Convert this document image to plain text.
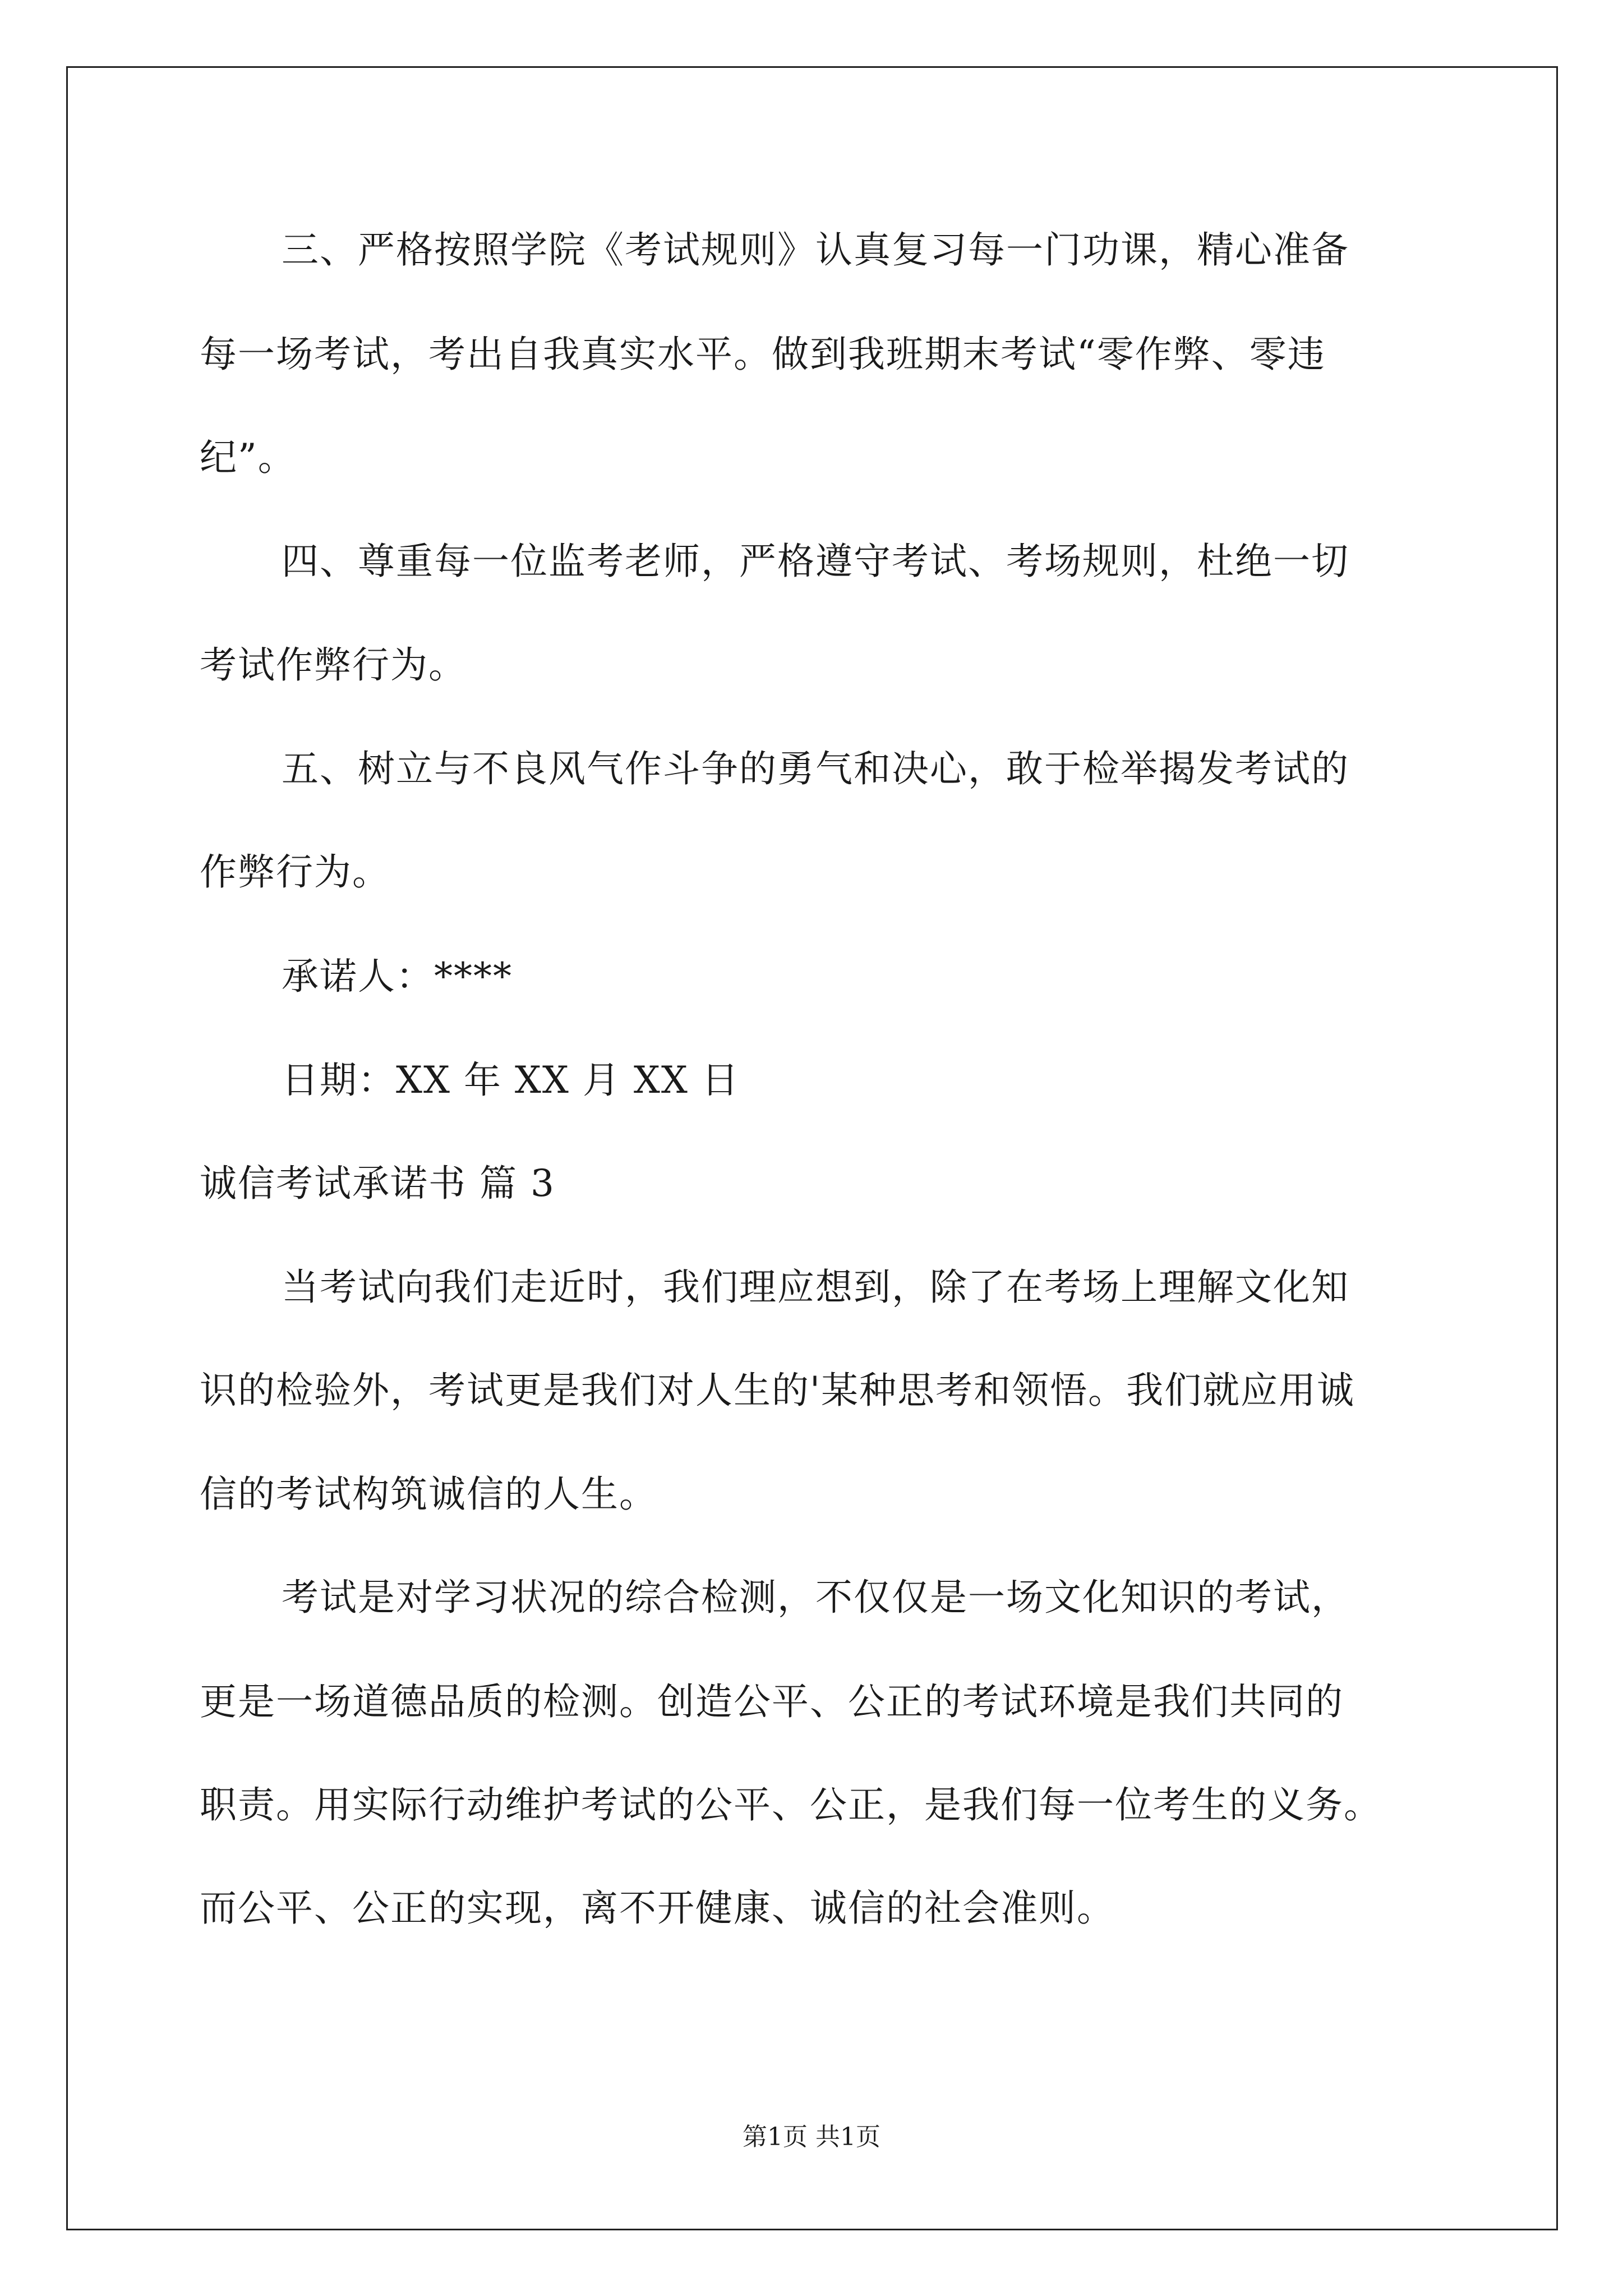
三、严格按照学院《考试规则》认真复习每一门功课，精心准备
每一场考试，考出自我真实水平。做到我班期末考试“零作弊、零违
纪”。
四、尊重每一位监考老师，严格遵守考试、考场规则，杜绝一切
考试作弊行为。
五、树立与不良风气作斗争的勇气和决心，敢于检举揭发考试的
作弊行为。
承诺人：****
日期：XX 年 XX 月 XX 日
诚信考试承诺书 篇 3
当考试向我们走近时，我们理应想到，除了在考场上理解文化知
识的检验外，考试更是我们对人生的'某种思考和领悟。我们就应用诚
信的考试构筑诚信的人生。
考试是对学习状况的综合检测，不仅仅是一场文化知识的考试，
更是一场道德品质的检测。创造公平、公正的考试环境是我们共同的
职责。用实际行动维护考试的公平、公正，是我们每一位考生的义务。
而公平、公正的实现，离不开健康、诚信的社会准则。
第1页 共1页
